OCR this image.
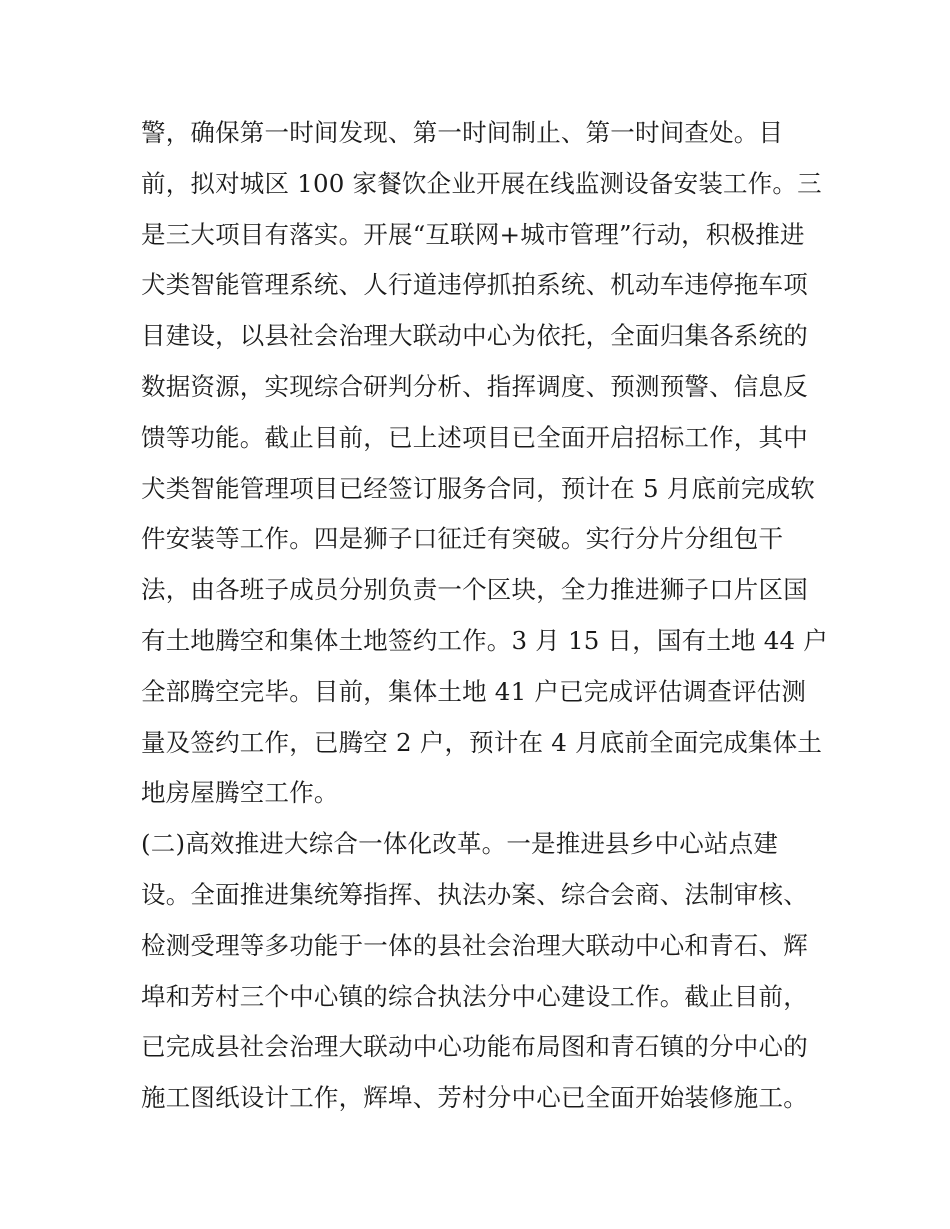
警，确保第一时间发现、第一时间制止、第一时间查处。目
前，拟对城区 100 家餐饮企业开展在线监测设备安装工作。三
是三大项目有落实。开展“互联网+城市管理”行动，积极推进
犬类智能管理系统、人行道违停抓拍系统、机动车违停拖车项
目建设，以县社会治理大联动中心为依托，全面归集各系统的
数据资源，实现综合研判分析、指挥调度、预测预警、信息反
馈等功能。截止目前，已上述项目已全面开启招标工作，其中
犬类智能管理项目已经签订服务合同，预计在 5 月底前完成软
件安装等工作。四是狮子口征迁有突破。实行分片分组包干
法，由各班子成员分别负责一个区块，全力推进狮子口片区国
有土地腾空和集体土地签约工作。3 月 15 日，国有土地 44 户
全部腾空完毕。目前，集体土地 41 户已完成评估调查评估测
量及签约工作，已腾空 2 户，预计在 4 月底前全面完成集体土
地房屋腾空工作。
(二)高效推进大综合一体化改革。一是推进县乡中心站点建
设。全面推进集统筹指挥、执法办案、综合会商、法制审核、
检测受理等多功能于一体的县社会治理大联动中心和青石、辉
埠和芳村三个中心镇的综合执法分中心建设工作。截止目前，
已完成县社会治理大联动中心功能布局图和青石镇的分中心的
施工图纸设计工作，辉埠、芳村分中心已全面开始装修施工。
